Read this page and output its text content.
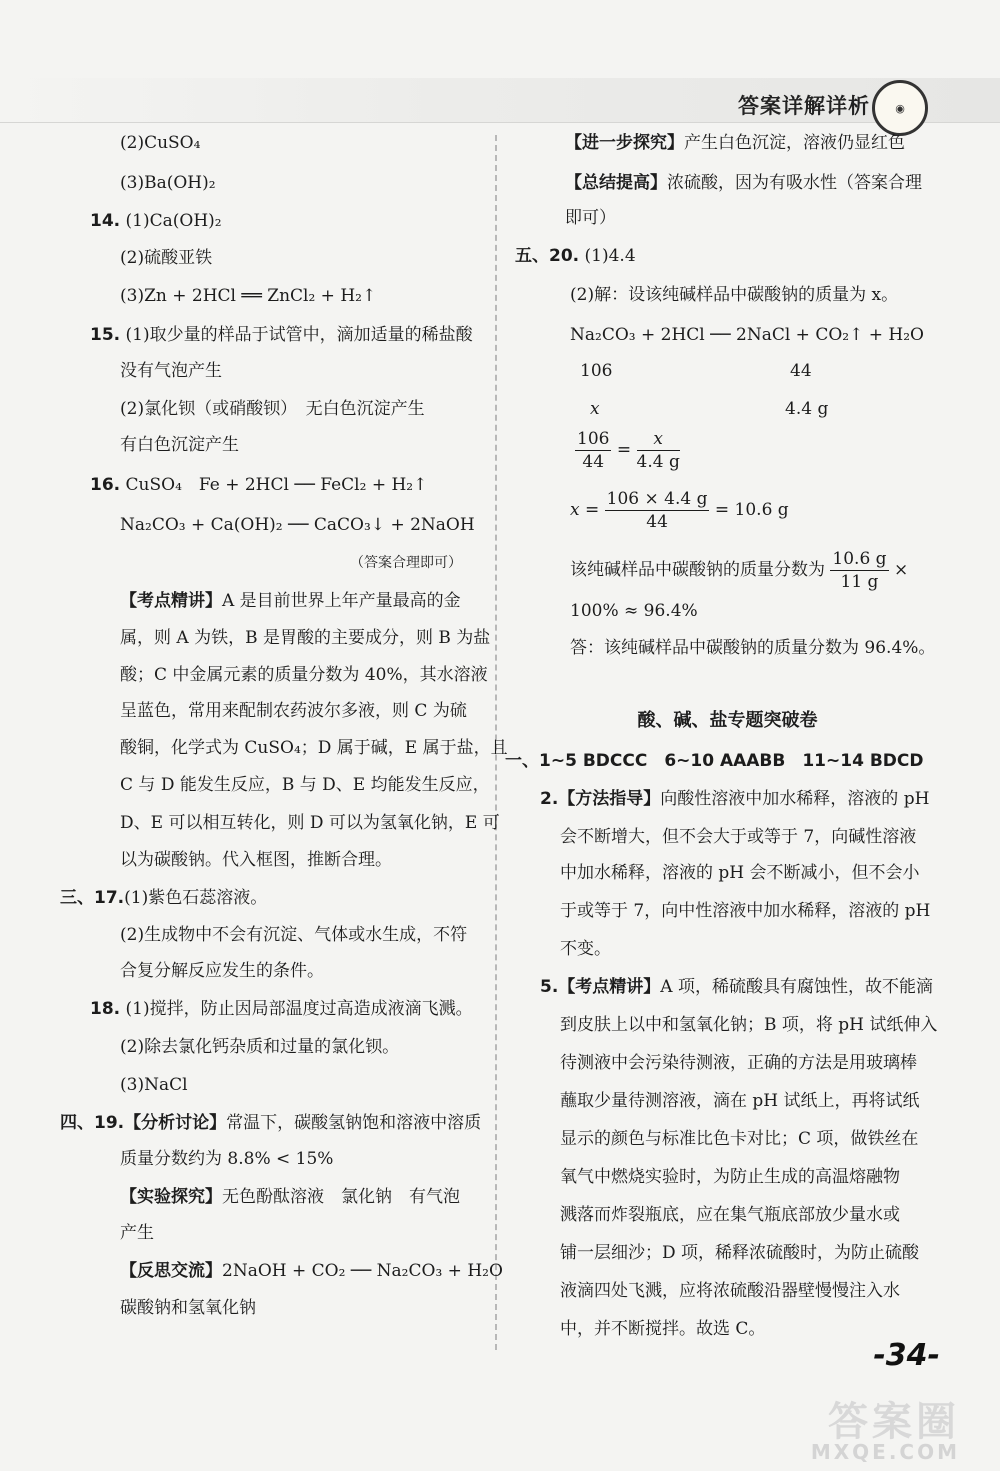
答案详解详析	◉
(2)CuSO₄
(3)Ba(OH)₂
14. (1)Ca(OH)₂
(2)硫酸亚铁
(3)Zn + 2HCl ══ ZnCl₂ + H₂↑
15. (1)取少量的样品于试管中，滴加适量的稀盐酸
没有气泡产生
(2)氯化钡（或硝酸钡）　无白色沉淀产生
有白色沉淀产生
16. CuSO₄　Fe + 2HCl ── FeCl₂ + H₂↑
Na₂CO₃ + Ca(OH)₂ ── CaCO₃↓ + 2NaOH
（答案合理即可）
【考点精讲】A 是目前世界上年产量最高的金
属，则 A 为铁，B 是胃酸的主要成分，则 B 为盐
酸；C 中金属元素的质量分数为 40%，其水溶液
呈蓝色，常用来配制农药波尔多液，则 C 为硫
酸铜，化学式为 CuSO₄；D 属于碱，E 属于盐，且
C 与 D 能发生反应，B 与 D、E 均能发生反应，
D、E 可以相互转化，则 D 可以为氢氧化钠，E 可
以为碳酸钠。代入框图，推断合理。
三、17.(1)紫色石蕊溶液。
(2)生成物中不会有沉淀、气体或水生成，不符
合复分解反应发生的条件。
18. (1)搅拌，防止因局部温度过高造成液滴飞溅。
(2)除去氯化钙杂质和过量的氯化钡。
(3)NaCl
四、19.【分析讨论】常温下，碳酸氢钠饱和溶液中溶质
质量分数约为 8.8% < 15%
【实验探究】无色酚酞溶液　氯化钠　有气泡
产生
【反思交流】2NaOH + CO₂ ── Na₂CO₃ + H₂O
碳酸钠和氢氧化钠
【进一步探究】产生白色沉淀，溶液仍显红色
【总结提高】浓硫酸，因为有吸水性（答案合理
即可）
五、20. (1)4.4
(2)解：设该纯碱样品中碳酸钠的质量为 x。
Na₂CO₃ + 2HCl ── 2NaCl + CO₂↑ + H₂O
106	44
x	4.4 g
$\frac{106}{44} = \frac{x}{4.4 g}$
$x = \frac{106 \times 4.4 g}{44} = 10.6$ g
该纯碱样品中碳酸钠的质量分数为 $\frac{10.6 g}{11 g}$ ×
100% ≈ 96.4%
答：该纯碱样品中碳酸钠的质量分数为 96.4%。
酸、碱、盐专题突破卷
一、1~5 BDCCC　6~10 AAABB　11~14 BDCD
2.【方法指导】向酸性溶液中加水稀释，溶液的 pH
会不断增大，但不会大于或等于 7，向碱性溶液
中加水稀释，溶液的 pH 会不断减小，但不会小
于或等于 7，向中性溶液中加水稀释，溶液的 pH
不变。
5.【考点精讲】A 项，稀硫酸具有腐蚀性，故不能滴
到皮肤上以中和氢氧化钠；B 项，将 pH 试纸伸入
待测液中会污染待测液，正确的方法是用玻璃棒
蘸取少量待测溶液，滴在 pH 试纸上，再将试纸
显示的颜色与标准比色卡对比；C 项，做铁丝在
氧气中燃烧实验时，为防止生成的高温熔融物
溅落而炸裂瓶底，应在集气瓶底部放少量水或
铺一层细沙；D 项，稀释浓硫酸时，为防止硫酸
液滴四处飞溅，应将浓硫酸沿器壁慢慢注入水
中，并不断搅拌。故选 C。
-34-
答案圈
MXQE.COM
